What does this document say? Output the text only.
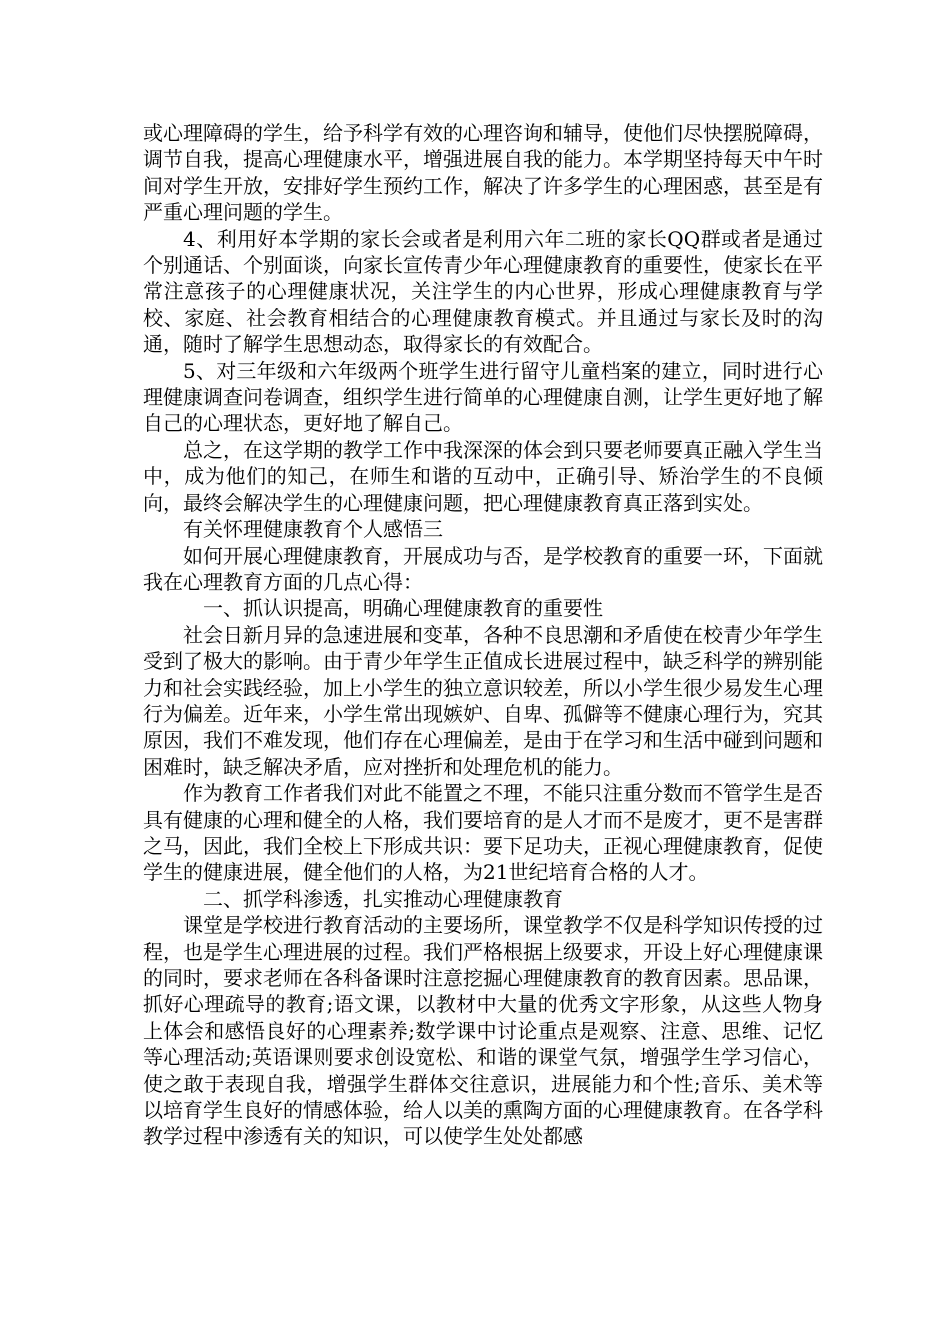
或心理障碍的学生，给予科学有效的心理咨询和辅导，使他们尽快摆脱障碍，调节自我，提高心理健康水平，增强进展自我的能力。本学期坚持每天中午时间对学生开放，安排好学生预约工作，解决了许多学生的心理困惑，甚至是有严重心理问题的学生。

4、利用好本学期的家长会或者是利用六年二班的家长QQ群或者是通过个别通话、个别面谈，向家长宣传青少年心理健康教育的重要性，使家长在平常注意孩子的心理健康状况，关注学生的内心世界，形成心理健康教育与学校、家庭、社会教育相结合的心理健康教育模式。并且通过与家长及时的沟通，随时了解学生思想动态，取得家长的有效配合。

5、对三年级和六年级两个班学生进行留守儿童档案的建立，同时进行心理健康调查问卷调查，组织学生进行简单的心理健康自测，让学生更好地了解自己的心理状态，更好地了解自己。

总之，在这学期的教学工作中我深深的体会到只要老师要真正融入学生当中，成为他们的知己，在师生和谐的互动中，正确引导、矫治学生的不良倾向，最终会解决学生的心理健康问题，把心理健康教育真正落到实处。

有关怀理健康教育个人感悟三

如何开展心理健康教育，开展成功与否，是学校教育的重要一环，下面就我在心理教育方面的几点心得：

一、抓认识提高，明确心理健康教育的重要性

社会日新月异的急速进展和变革，各种不良思潮和矛盾使在校青少年学生受到了极大的影响。由于青少年学生正值成长进展过程中，缺乏科学的辨别能力和社会实践经验，加上小学生的独立意识较差，所以小学生很少易发生心理行为偏差。近年来，小学生常出现嫉妒、自卑、孤僻等不健康心理行为，究其原因，我们不难发现，他们存在心理偏差，是由于在学习和生活中碰到问题和困难时，缺乏解决矛盾，应对挫折和处理危机的能力。

作为教育工作者我们对此不能置之不理，不能只注重分数而不管学生是否具有健康的心理和健全的人格，我们要培育的是人才而不是废才，更不是害群之马，因此，我们全校上下形成共识：要下足功夫，正视心理健康教育，促使学生的健康进展，健全他们的人格，为21世纪培育合格的人才。

二、抓学科渗透，扎实推动心理健康教育

课堂是学校进行教育活动的主要场所，课堂教学不仅是科学知识传授的过程，也是学生心理进展的过程。我们严格根据上级要求，开设上好心理健康课的同时，要求老师在各科备课时注意挖掘心理健康教育的教育因素。思品课，抓好心理疏导的教育;语文课，以教材中大量的优秀文字形象，从这些人物身上体会和感悟良好的心理素养;数学课中讨论重点是观察、注意、思维、记忆等心理活动;英语课则要求创设宽松、和谐的课堂气氛，增强学生学习信心，使之敢于表现自我，增强学生群体交往意识，进展能力和个性;音乐、美术等以培育学生良好的情感体验，给人以美的熏陶方面的心理健康教育。在各学科教学过程中渗透有关的知识，可以使学生处处都感
